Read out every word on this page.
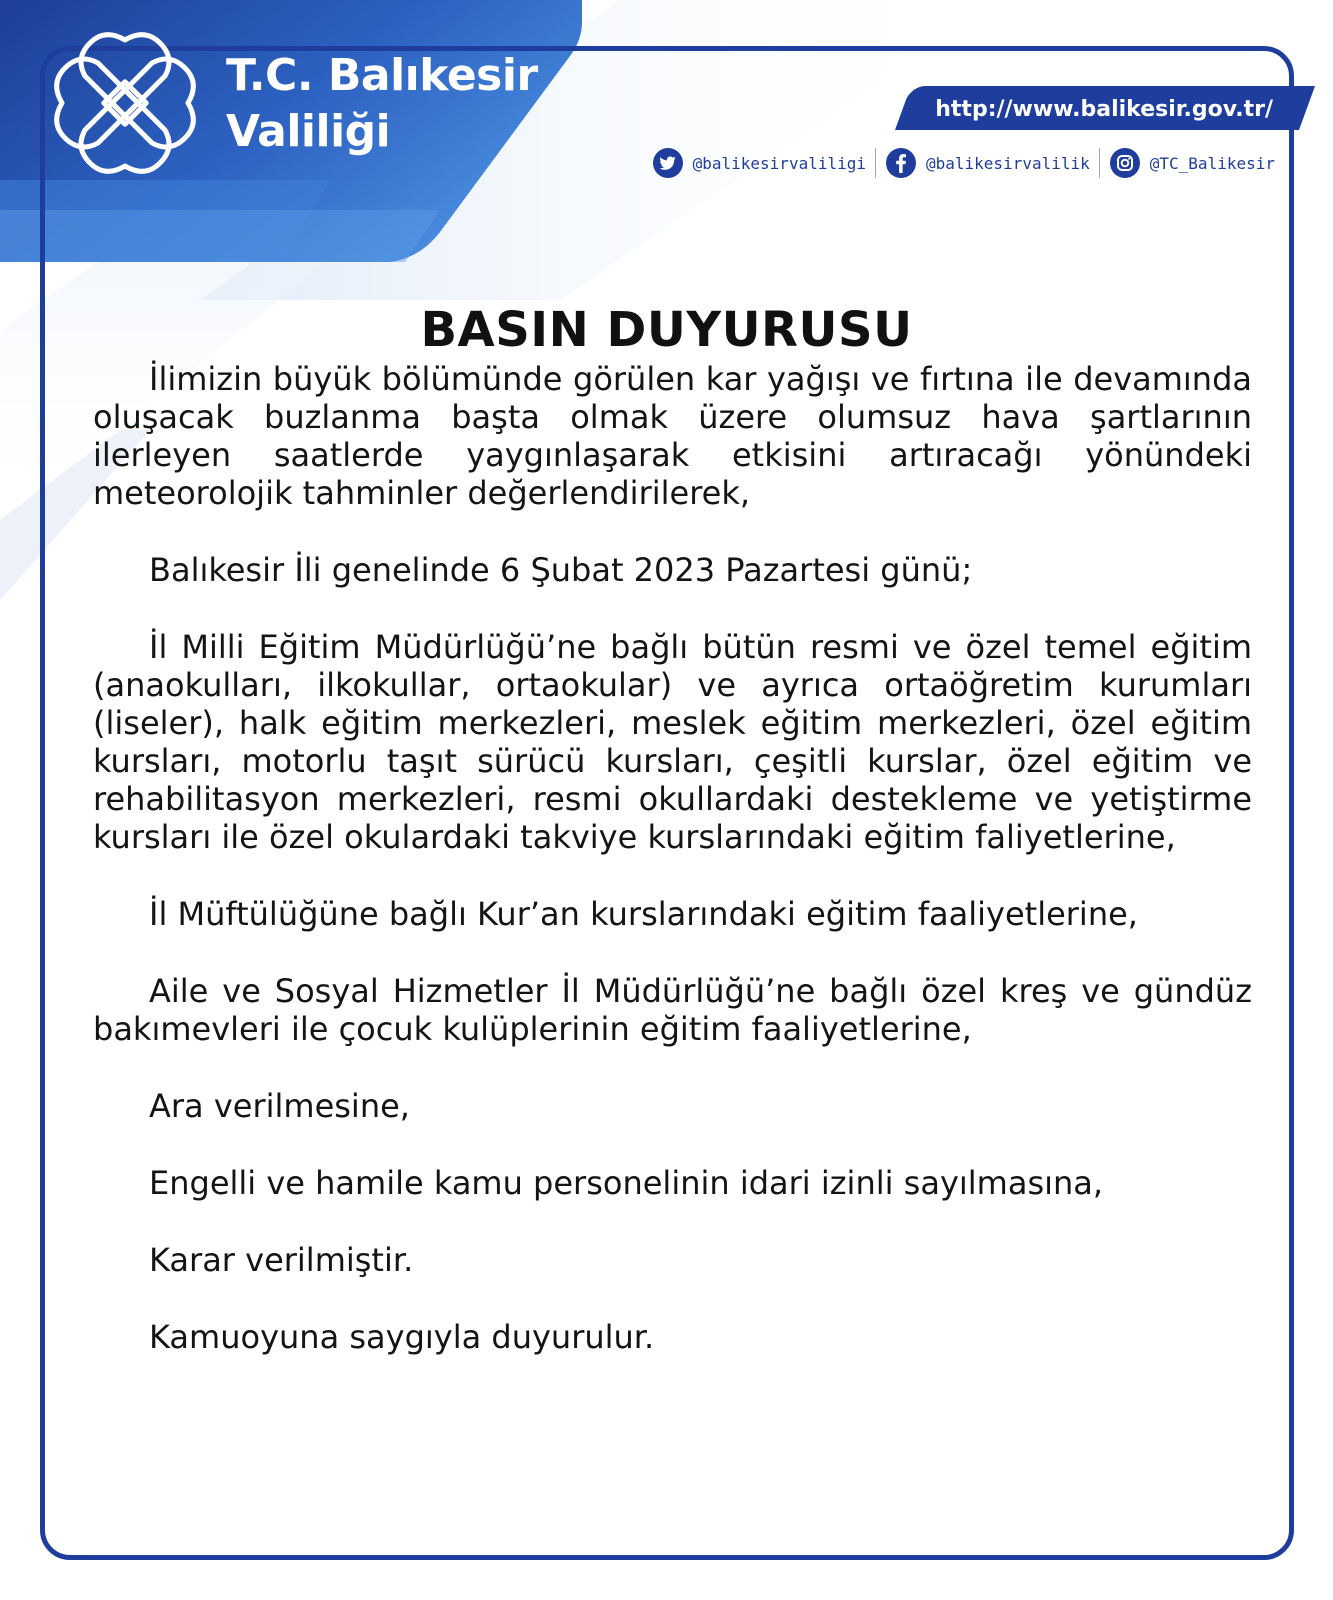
T.C. Balıkesir
Valiliği	http://www.balikesir.gov.tr/
@balikesirvaliligi	@balikesirvalilik	@TC_Balikesir
BASIN DUYURUSU

İlimizin büyük bölümünde görülen kar yağışı ve fırtına ile devamında oluşacak buzlanma başta olmak üzere olumsuz hava şartlarının ilerleyen saatlerde yaygınlaşarak etkisini artıracağı yönündeki meteorolojik tahminler değerlendirilerek,

Balıkesir İli genelinde 6 Şubat 2023 Pazartesi günü;

İl Milli Eğitim Müdürlüğü’ne bağlı bütün resmi ve özel temel eğitim (anaokulları, ilkokullar, ortaokular) ve ayrıca ortaöğretim kurumları (liseler), halk eğitim merkezleri, meslek eğitim merkezleri, özel eğitim kursları, motorlu taşıt sürücü kursları, çeşitli kurslar, özel eğitim ve rehabilitasyon merkezleri, resmi okullardaki destekleme ve yetiştirme kursları ile özel okulardaki takviye kurslarındaki eğitim faliyetlerine,

İl Müftülüğüne bağlı Kur’an kurslarındaki eğitim faaliyetlerine,

Aile ve Sosyal Hizmetler İl Müdürlüğü’ne bağlı özel kreş ve gündüz bakımevleri ile çocuk kulüplerinin eğitim faaliyetlerine,

Ara verilmesine,

Engelli ve hamile kamu personelinin idari izinli sayılmasına,

Karar verilmiştir.

Kamuoyuna saygıyla duyurulur.
